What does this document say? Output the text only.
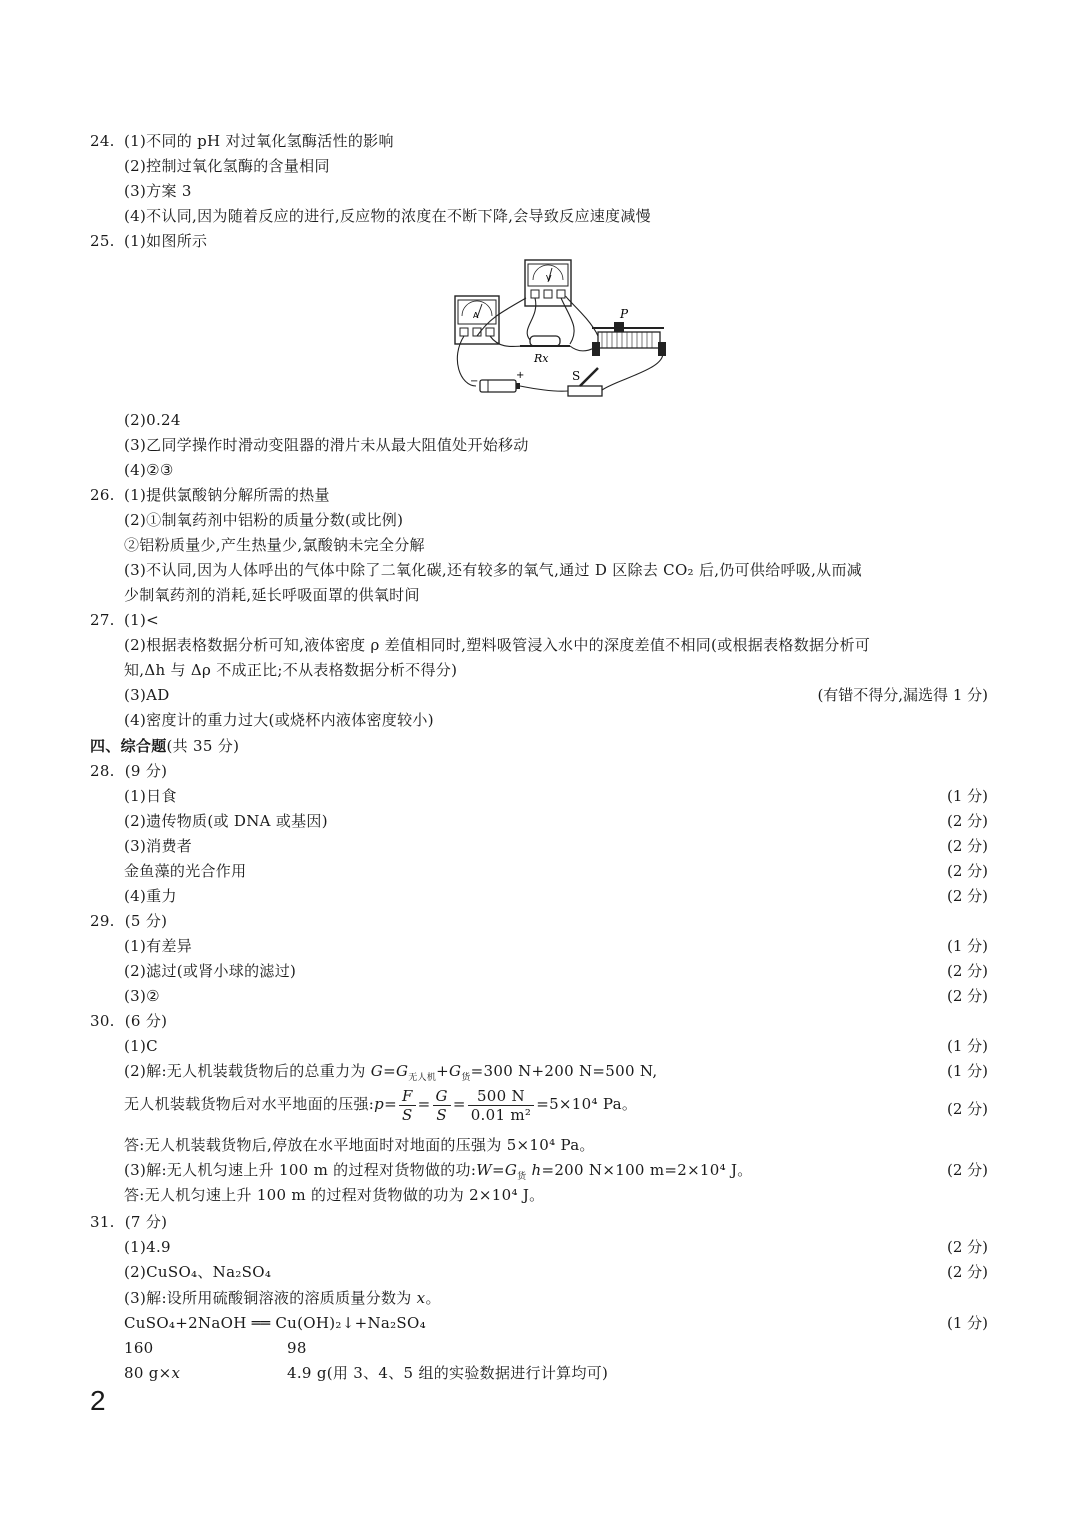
24. (1)不同的 pH 对过氧化氢酶活性的影响
(2)控制过氧化氢酶的含量相同
(3)方案 3
(4)不认同,因为随着反应的进行,反应物的浓度在不断下降,会导致反应速度减慢
25. (1)如图所示
A
V
Rx
P
−
+	S
(2)0.24
(3)乙同学操作时滑动变阻器的滑片未从最大阻值处开始移动
(4)②③
26. (1)提供氯酸钠分解所需的热量
(2)①制氧药剂中铝粉的质量分数(或比例)
②铝粉质量少,产生热量少,氯酸钠未完全分解
(3)不认同,因为人体呼出的气体中除了二氧化碳,还有较多的氧气,通过 D 区除去 CO₂ 后,仍可供给呼吸,从而减
少制氧药剂的消耗,延长呼吸面罩的供氧时间
27. (1)<
(2)根据表格数据分析可知,液体密度 ρ 差值相同时,塑料吸管浸入水中的深度差值不相同(或根据表格数据分析可
知,Δh 与 Δρ 不成正比;不从表格数据分析不得分)
(3)AD	(有错不得分,漏选得 1 分)
(4)密度计的重力过大(或烧杯内液体密度较小)
四、综合题(共 35 分)
28. (9 分)
(1)日食	(1 分)
(2)遗传物质(或 DNA 或基因)	(2 分)
(3)消费者	(2 分)
金鱼藻的光合作用	(2 分)
(4)重力	(2 分)
29. (5 分)
(1)有差异	(1 分)
(2)滤过(或肾小球的滤过)	(2 分)
(3)②	(2 分)
30. (6 分)
(1)C	(1 分)
(2)解:无人机装载货物后的总重力为 $G=G_{无人机}+G_货=300$ N+200 N=500 N,	(1 分)
无人机装载货物后对水平地面的压强:p= $\frac{F}{S} = \frac{G}{S} = \frac{500 N}{\text{0.01 m²}} =5\times 10^4$ Pa。	(2 分)
答:无人机装载货物后,停放在水平地面时对地面的压强为 5×10⁴ Pa。
(3)解:无人机匀速上升 100 m 的过程对货物做的功$:W=G_货$ h=200 N×100 m=2×10⁴ J。	(2 分)
答:无人机匀速上升 100 m 的过程对货物做的功为 2×10⁴ J。
31. (7 分)
(1)4.9	(2 分)
(2)CuSO₄、Na₂SO₄	(2 分)
(3)解:设所用硫酸铜溶液的溶质质量分数为 x。
CuSO₄+2NaOH ══ Cu(OH)₂↓+Na₂SO₄	(1 分)
160	98
80 g×x	4.9 g(用 3、4、5 组的实验数据进行计算均可)
2
